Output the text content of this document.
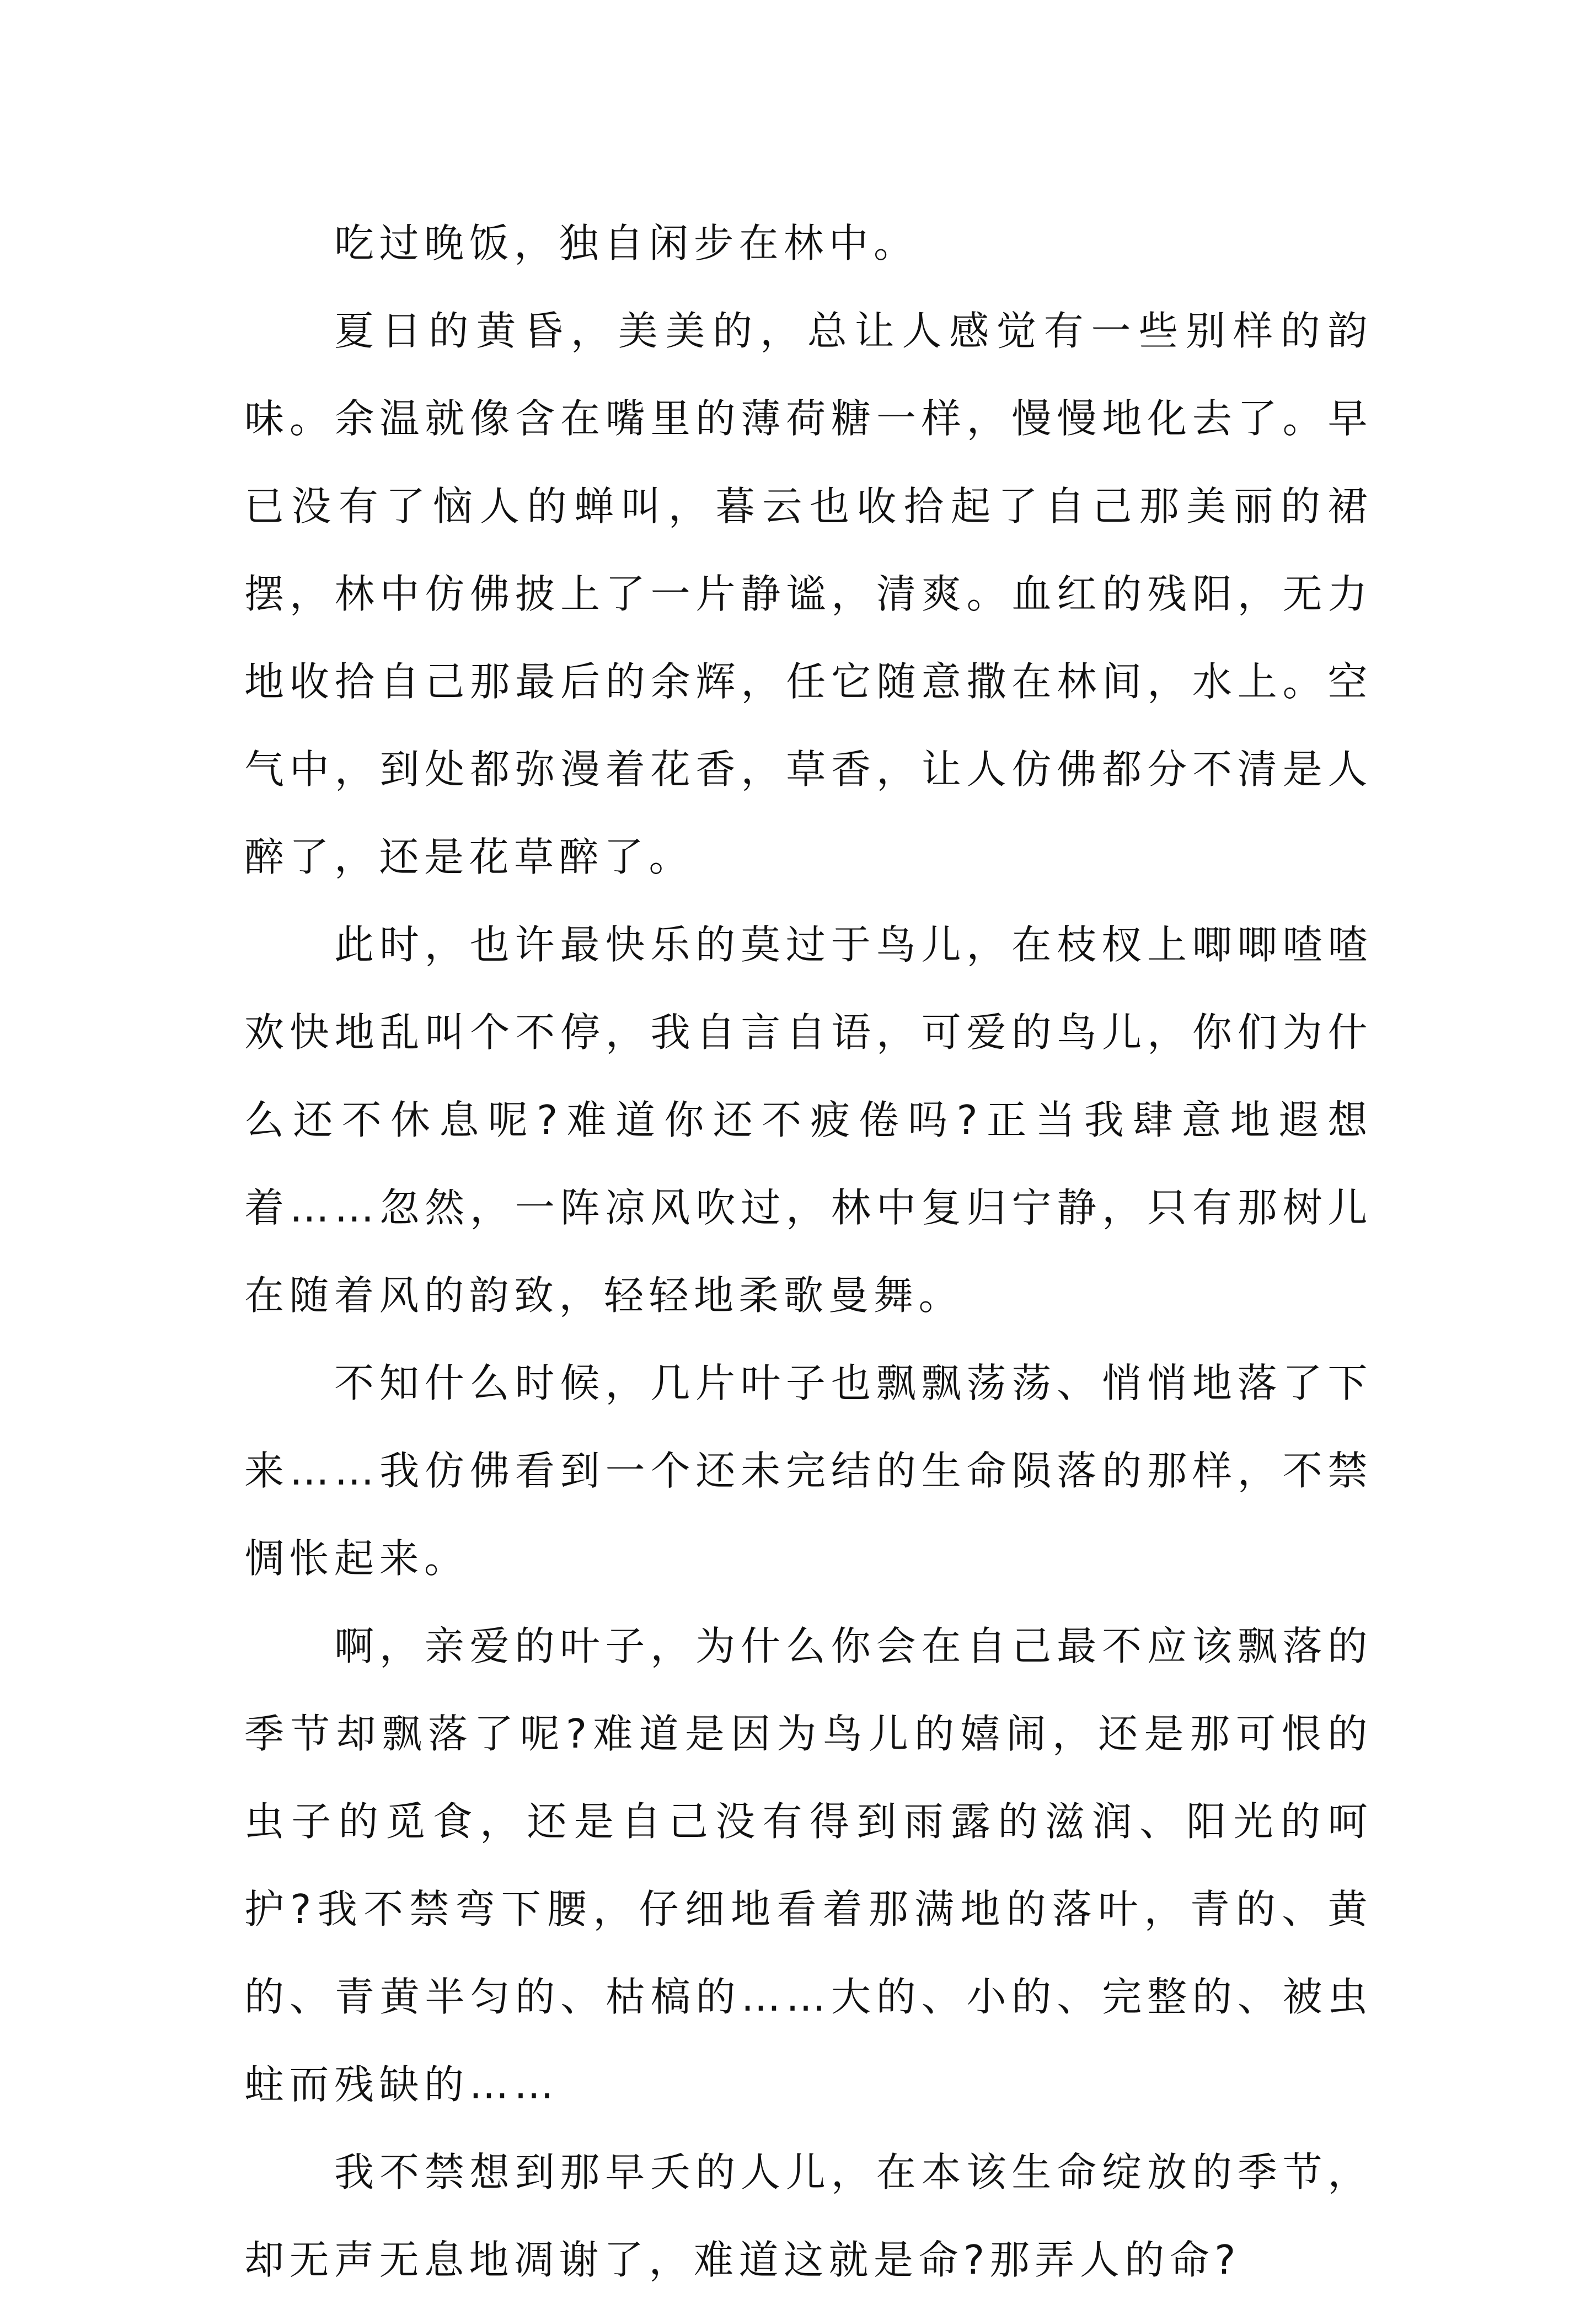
吃过晚饭，独自闲步在林中。

夏日的黄昏，美美的，总让人感觉有一些别样的韵味。余温就像含在嘴里的薄荷糖一样，慢慢地化去了。早已没有了恼人的蝉叫，暮云也收拾起了自己那美丽的裙摆，林中仿佛披上了一片静谧，清爽。血红的残阳，无力地收拾自己那最后的余辉，任它随意撒在林间，水上。空气中，到处都弥漫着花香，草香，让人仿佛都分不清是人醉了，还是花草醉了。

此时，也许最快乐的莫过于鸟儿，在枝杈上唧唧喳喳欢快地乱叫个不停，我自言自语，可爱的鸟儿，你们为什么还不休息呢?难道你还不疲倦吗?正当我肆意地遐想着……忽然，一阵凉风吹过，林中复归宁静，只有那树儿在随着风的韵致，轻轻地柔歌曼舞。

不知什么时候，几片叶子也飘飘荡荡、悄悄地落了下来……我仿佛看到一个还未完结的生命陨落的那样，不禁惆怅起来。

啊，亲爱的叶子，为什么你会在自己最不应该飘落的季节却飘落了呢?难道是因为鸟儿的嬉闹，还是那可恨的虫子的觅食，还是自己没有得到雨露的滋润、阳光的呵护?我不禁弯下腰，仔细地看着那满地的落叶，青的、黄的、青黄半匀的、枯槁的……大的、小的、完整的、被虫蛀而残缺的……

我不禁想到那早夭的人儿，在本该生命绽放的季节，却无声无息地凋谢了，难道这就是命?那弄人的命?
